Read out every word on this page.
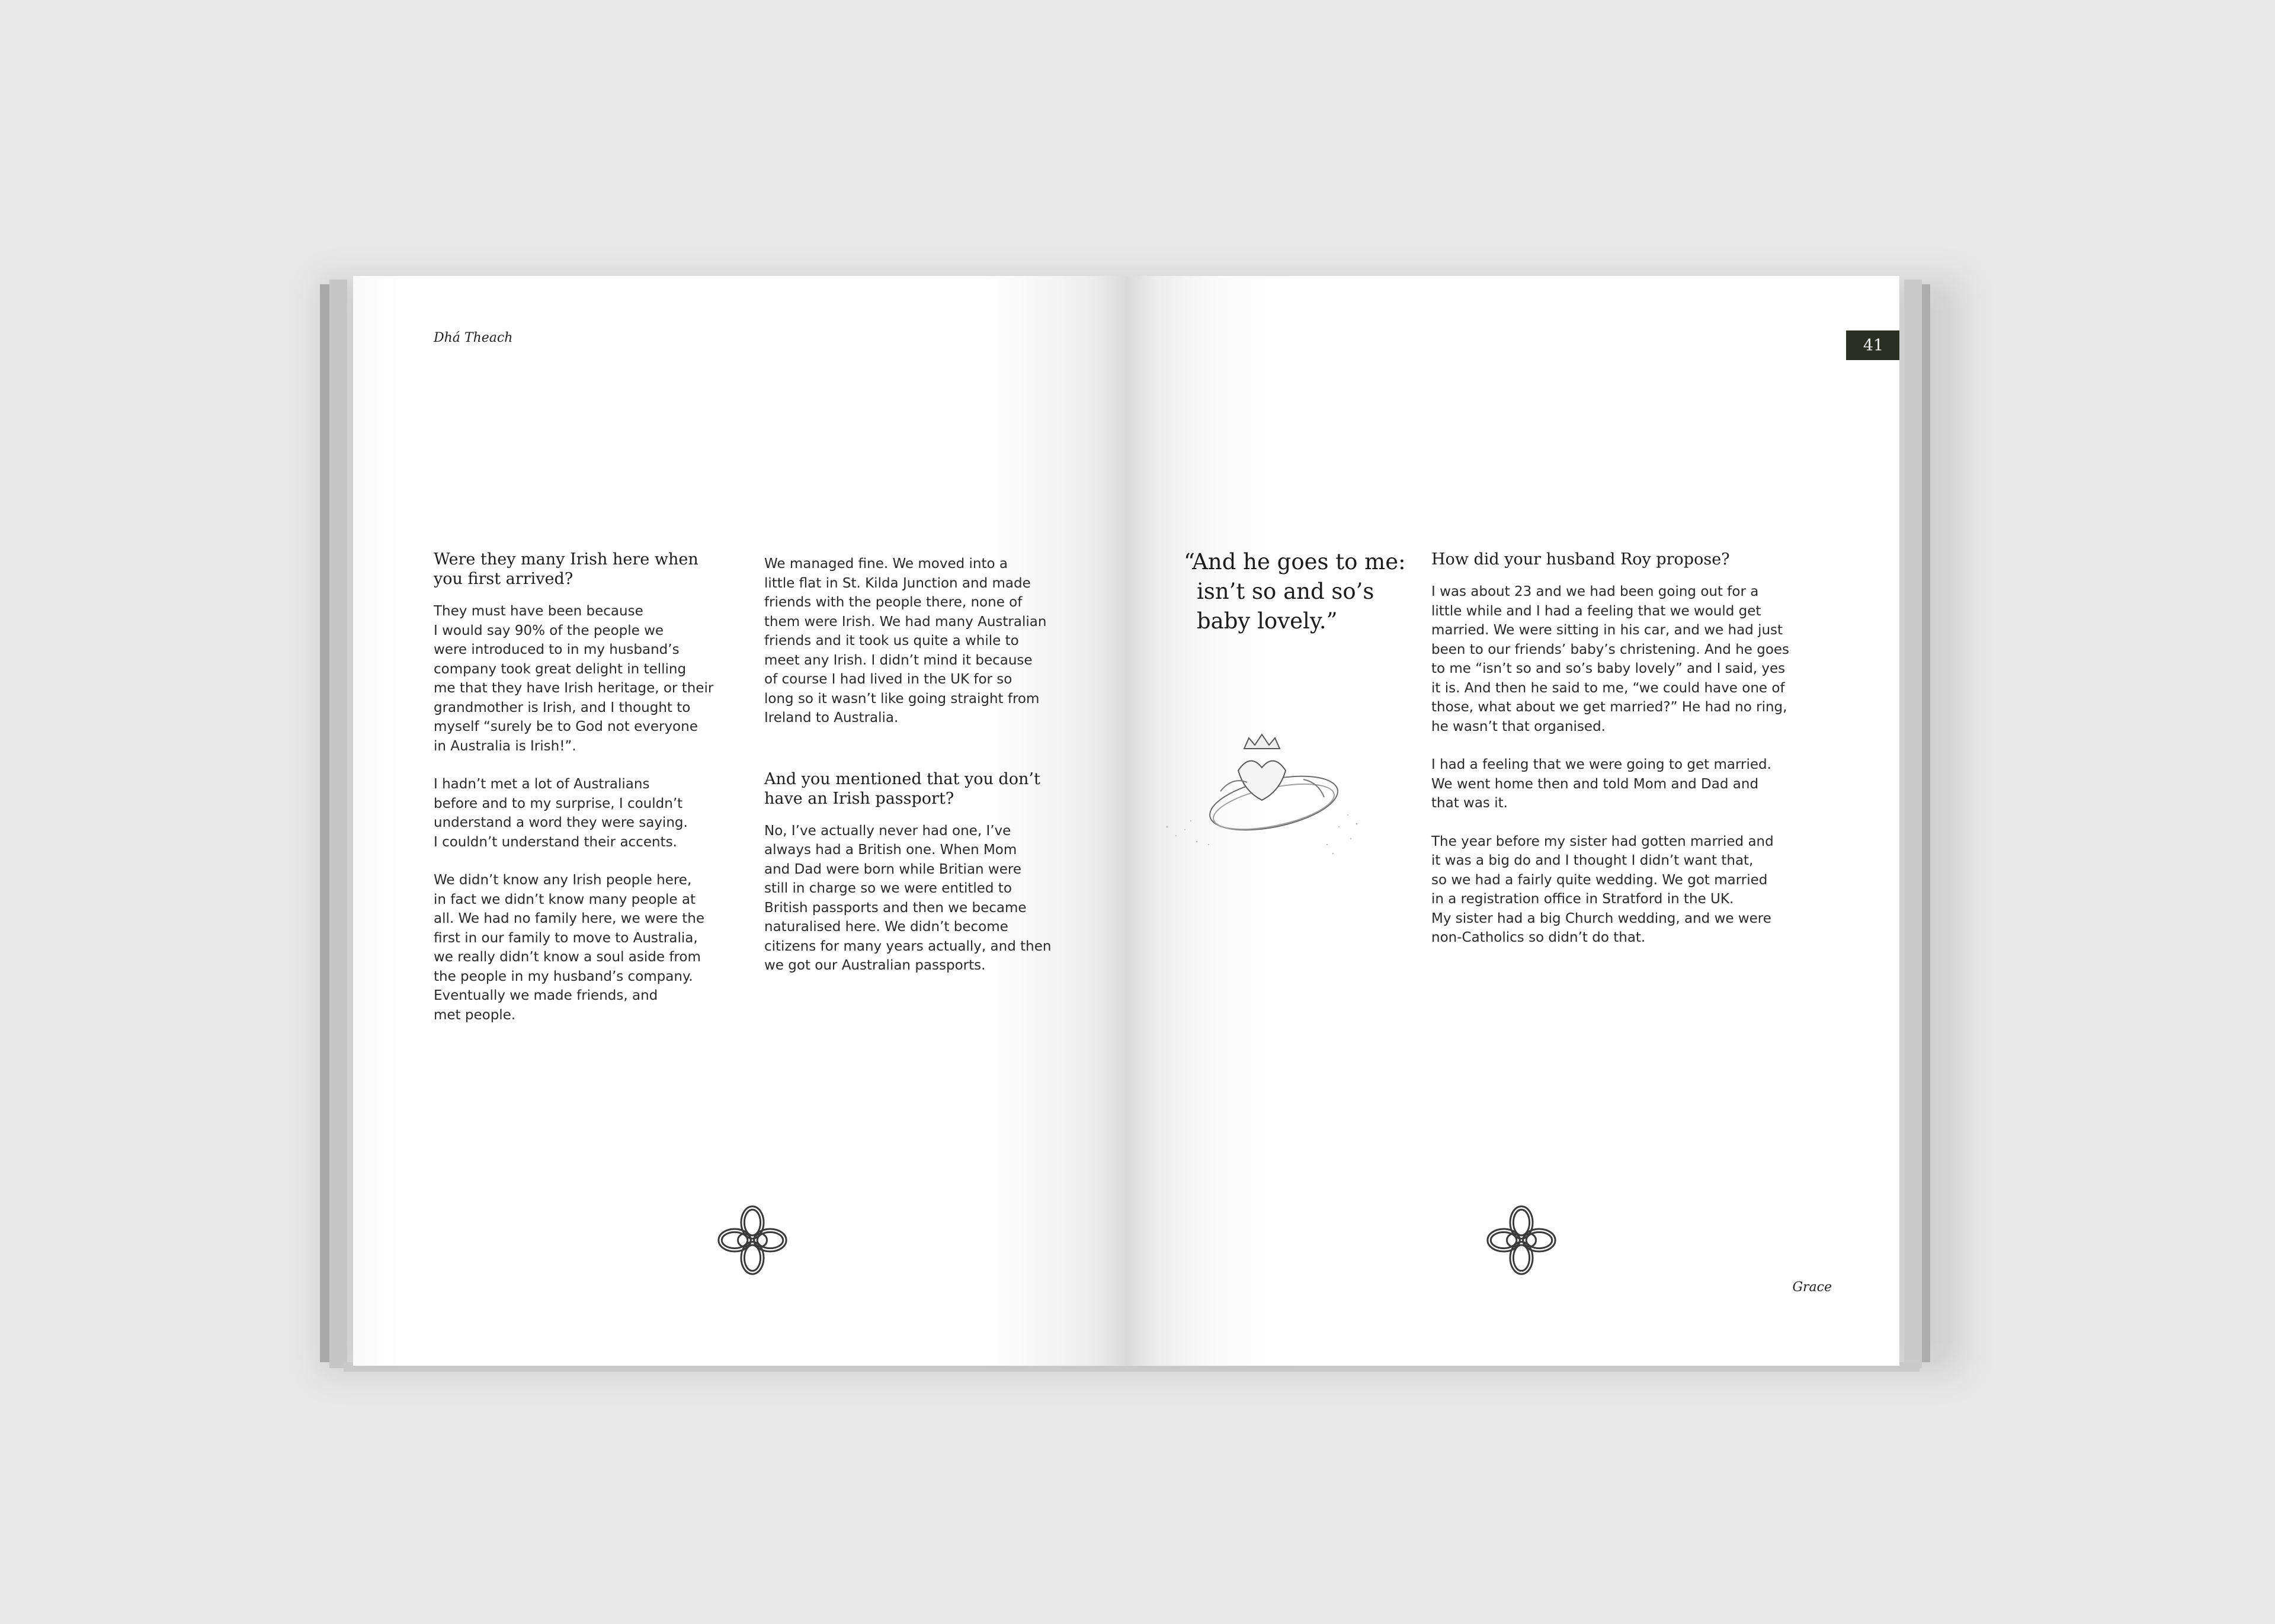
Dhá Theach
Were they many Irish here when
you first arrived?
They must have been because
I would say 90% of the people we
were introduced to in my husband’s
company took great delight in telling
me that they have Irish heritage, or their
grandmother is Irish, and I thought to
myself “surely be to God not everyone
in Australia is Irish!”.
I hadn’t met a lot of Australians
before and to my surprise, I couldn’t
understand a word they were saying.
I couldn’t understand their accents.
We didn’t know any Irish people here,
in fact we didn’t know many people at
all. We had no family here, we were the
first in our family to move to Australia,
we really didn’t know a soul aside from
the people in my husband’s company.
Eventually we made friends, and
met people.
We managed fine. We moved into a
little flat in St. Kilda Junction and made
friends with the people there, none of
them were Irish. We had many Australian
friends and it took us quite a while to
meet any Irish. I didn’t mind it because
of course I had lived in the UK for so
long so it wasn’t like going straight from
Ireland to Australia.
And you mentioned that you don’t
have an Irish passport?
No, I’ve actually never had one, I’ve
always had a British one. When Mom
and Dad were born while Britian were
still in charge so we were entitled to
British passports and then we became
naturalised here. We didn’t become
citizens for many years actually, and then
we got our Australian passports.
41
“And he goes to me:
isn’t so and so’s
baby lovely.”
How did your husband Roy propose?
I was about 23 and we had been going out for a
little while and I had a feeling that we would get
married. We were sitting in his car, and we had just
been to our friends’ baby’s christening. And he goes
to me “isn’t so and so’s baby lovely” and I said, yes
it is. And then he said to me, “we could have one of
those, what about we get married?” He had no ring,
he wasn’t that organised.
I had a feeling that we were going to get married.
We went home then and told Mom and Dad and
that was it.
The year before my sister had gotten married and
it was a big do and I thought I didn’t want that,
so we had a fairly quite wedding. We got married
in a registration office in Stratford in the UK.
My sister had a big Church wedding, and we were
non-Catholics so didn’t do that.
Grace
